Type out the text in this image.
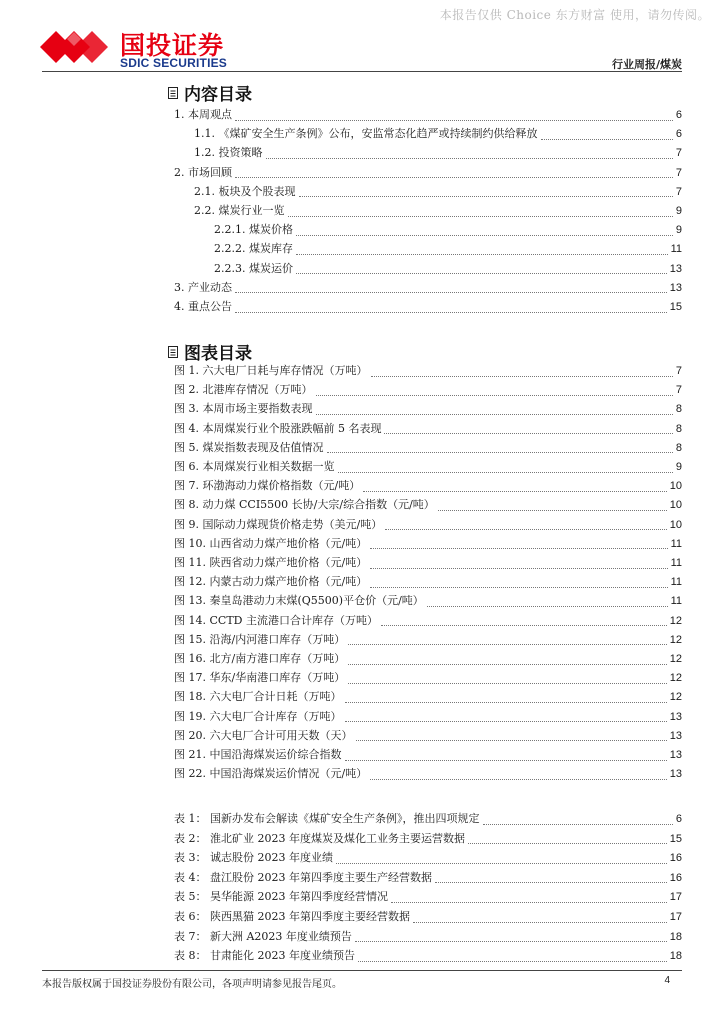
本报告仅供 Choice 东方财富 使用，请勿传阅。
国投证券
SDIC SECURITIES	行业周报/煤炭
内容目录
1. 本周观点	6
1.1. 《煤矿安全生产条例》公布，安监常态化趋严或持续制约供给释放	6
1.2. 投资策略	7
2. 市场回顾	7
2.1. 板块及个股表现	7
2.2. 煤炭行业一览	9
2.2.1. 煤炭价格	9
2.2.2. 煤炭库存	11
2.2.3. 煤炭运价	13
3. 产业动态	13
4. 重点公告	15
图表目录
图 1. 六大电厂日耗与库存情况（万吨）	7
图 2. 北港库存情况（万吨）	7
图 3. 本周市场主要指数表现	8
图 4. 本周煤炭行业个股涨跌幅前 5 名表现	8
图 5. 煤炭指数表现及估值情况	8
图 6. 本周煤炭行业相关数据一览	9
图 7. 环渤海动力煤价格指数（元/吨）	10
图 8. 动力煤 CCI5500 长协/大宗/综合指数（元/吨）	10
图 9. 国际动力煤现货价格走势（美元/吨）	10
图 10. 山西省动力煤产地价格（元/吨）	11
图 11. 陕西省动力煤产地价格（元/吨）	11
图 12. 内蒙古动力煤产地价格（元/吨）	11
图 13. 秦皇岛港动力末煤(Q5500)平仓价（元/吨）	11
图 14. CCTD 主流港口合计库存（万吨）	12
图 15. 沿海/内河港口库存（万吨）	12
图 16. 北方/南方港口库存（万吨）	12
图 17. 华东/华南港口库存（万吨）	12
图 18. 六大电厂合计日耗（万吨）	12
图 19. 六大电厂合计库存（万吨）	13
图 20. 六大电厂合计可用天数（天）	13
图 21. 中国沿海煤炭运价综合指数	13
图 22. 中国沿海煤炭运价情况（元/吨）	13
表 1： 国新办发布会解读《煤矿安全生产条例》，推出四项规定	6
表 2： 淮北矿业 2023 年度煤炭及煤化工业务主要运营数据	15
表 3： 诚志股份 2023 年度业绩	16
表 4： 盘江股份 2023 年第四季度主要生产经营数据	16
表 5： 昊华能源 2023 年第四季度经营情况	17
表 6： 陕西黑猫 2023 年第四季度主要经营数据	17
表 7： 新大洲 A2023 年度业绩预告	18
表 8： 甘肃能化 2023 年度业绩预告	18
本报告版权属于国投证券股份有限公司，各项声明请参见报告尾页。	4
